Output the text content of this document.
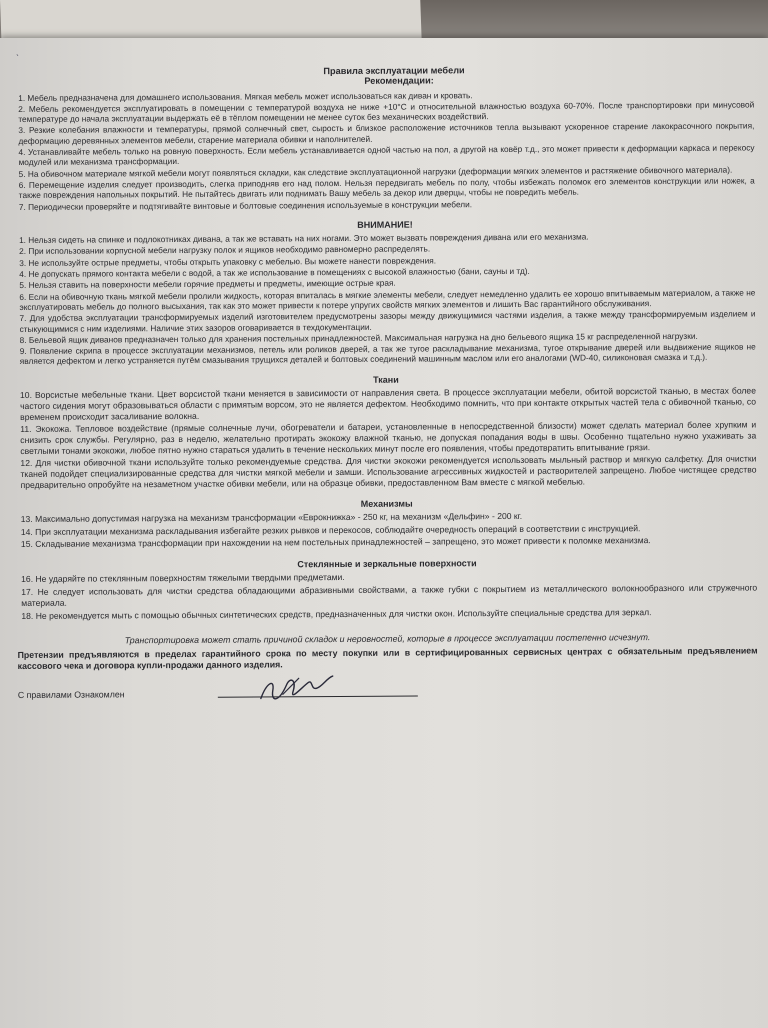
ˎ
Правила эксплуатации мебели
Рекомендации:

1. Мебель предназначена для домашнего использования. Мягкая мебель может использоваться как диван и кровать.

2. Мебель рекомендуется эксплуатировать в помещении с температурой воздуха не ниже +10°С и относительной влажностью воздуха 60-70%. После транспортировки при минусовой температуре до начала эксплуатации выдержать её в тёплом помещении не менее суток без механических воздействий.

3. Резкие колебания влажности и температуры, прямой солнечный свет, сырость и близкое расположение источников тепла вызывают ускоренное старение лакокрасочного покрытия, деформацию деревянных элементов мебели, старение материала обивки и наполнителей.

4. Устанавливайте мебель только на ровную поверхность. Если мебель устанавливается одной частью на пол, а другой на ковёр т.д., это может привести к деформации каркаса и перекосу модулей или механизма трансформации.

5. На обивочном материале мягкой мебели могут появляться складки, как следствие эксплуатационной нагрузки (деформации мягких элементов и растяжение обивочного материала).

6. Перемещение изделия следует производить, слегка приподняв его над полом. Нельзя передвигать мебель по полу, чтобы избежать поломок его элементов конструкции или ножек, а также повреждения напольных покрытий. Не пытайтесь двигать или поднимать Вашу мебель за декор или дверцы, чтобы не повредить мебель.

7. Периодически проверяйте и подтягивайте винтовые и болтовые соединения используемые в конструкции мебели.

ВНИМАНИЕ!

1. Нельзя сидеть на спинке и подлокотниках дивана, а так же вставать на них ногами. Это может вызвать повреждения дивана или его механизма.

2. При использовании корпусной мебели нагрузку полок и ящиков необходимо равномерно распределять.

3. Не используйте острые предметы, чтобы открыть упаковку с мебелью. Вы можете нанести повреждения.

4. Не допускать прямого контакта мебели с водой, а так же использование в помещениях с высокой влажностью (бани, сауны и тд).

5. Нельзя ставить на поверхности мебели горячие предметы и предметы, имеющие острые края.

6. Если на обивочную ткань мягкой мебели пролили жидкость, которая впиталась в мягкие элементы мебели, следует немедленно удалить ее хорошо впитываемым материалом, а также не эксплуатировать мебель до полного высыхания, так как это может привести к потере упругих свойств мягких элементов и лишить Вас гарантийного обслуживания.

7. Для удобства эксплуатации трансформируемых изделий изготовителем предусмотрены зазоры между движущимися частями изделия, а также между трансформируемым изделием и стыкующимися с ним изделиями. Наличие этих зазоров оговаривается в техдокументации.

8. Бельевой ящик диванов предназначен только для хранения постельных принадлежностей. Максимальная нагрузка на дно бельевого ящика 15 кг распределенной нагрузки.

9. Появление скрипа в процессе эксплуатации механизмов, петель или роликов дверей, а так же тугое раскладывание механизма, тугое открывание дверей или выдвижение ящиков не является дефектом и легко устраняется путём смазывания трущихся деталей и болтовых соединений машинным маслом или его аналогами (WD-40, силиконовая смазка и т.д.).

Ткани

10. Ворсистые мебельные ткани. Цвет ворсистой ткани меняется в зависимости от направления света. В процессе эксплуатации мебели, обитой ворсистой тканью, в местах более частого сидения могут образовываться области с примятым ворсом, это не является дефектом. Необходимо помнить, что при контакте открытых частей тела с обивочной тканью, со временем происходит засаливание волокна.

11. Экокожа. Тепловое воздействие (прямые солнечные лучи, обогреватели и батареи, установленные в непосредственной близости) может сделать материал более хрупким и снизить срок службы. Регулярно, раз в неделю, желательно протирать экокожу влажной тканью, не допуская попадания воды в швы. Особенно тщательно нужно ухаживать за светлыми тонами экокожи, любое пятно нужно стараться удалить в течение нескольких минут после его появления, чтобы предотвратить впитывание грязи.

12. Для чистки обивочной ткани используйте только рекомендуемые средства. Для чистки экокожи рекомендуется использовать мыльный раствор и мягкую салфетку. Для очистки тканей подойдет специализированные средства для чистки мягкой мебели и замши. Использование агрессивных жидкостей и растворителей запрещено. Любое чистящее средство предварительно опробуйте на незаметном участке обивки мебели, или на образце обивки, предоставленном Вам вместе с мягкой мебелью.

Механизмы

13. Максимально допустимая нагрузка на механизм трансформации «Еврокнижка» - 250 кг, на механизм «Дельфин» - 200 кг.

14. При эксплуатации механизма раскладывания избегайте резких рывков и перекосов, соблюдайте очередность операций в соответствии с инструкцией.

15. Складывание механизма трансформации при нахождении на нем постельных принадлежностей – запрещено, это может привести к поломке механизма.

Стеклянные и зеркальные поверхности

16. Не ударяйте по стеклянным поверхностям тяжелыми твердыми предметами.

17. Не следует использовать для чистки средства обладающими абразивными свойствами, а также губки с покрытием из металлического волокнообразного или стружечного материала.

18. Не рекомендуется мыть с помощью обычных синтетических средств, предназначенных для чистки окон. Используйте специальные средства для зеркал.

Транспортировка может стать причиной складок и неровностей, которые в процессе эксплуатации постепенно исчезнут.
Претензии предъявляются в пределах гарантийного срока по месту покупки или в сертифицированных сервисных центрах с обязательным предъявлением кассового чека и договора купли-продажи данного изделия.
С правилами Ознакомлен
